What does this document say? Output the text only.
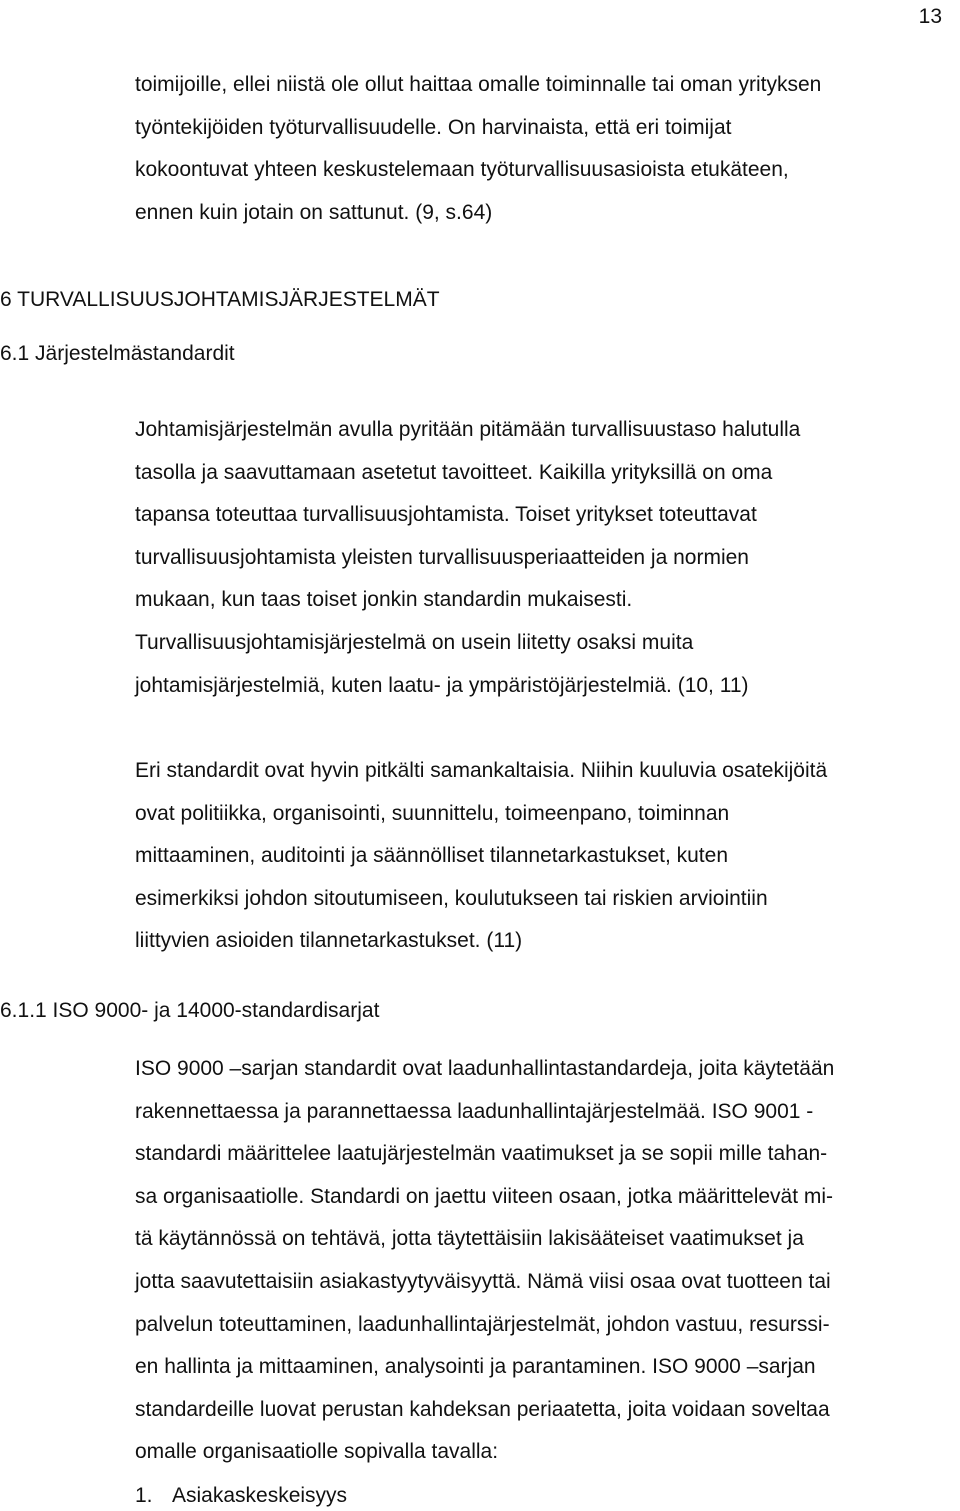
13
toimijoille, ellei niistä ole ollut haittaa omalle toiminnalle tai oman yrityksen
työntekijöiden työturvallisuudelle. On harvinaista, että eri toimijat
kokoontuvat yhteen keskustelemaan työturvallisuusasioista etukäteen,
ennen kuin jotain on sattunut. (9, s.64)
6 TURVALLISUUSJOHTAMISJÄRJESTELMÄT
6.1 Järjestelmästandardit
Johtamisjärjestelmän avulla pyritään pitämään turvallisuustaso halutulla
tasolla ja saavuttamaan asetetut tavoitteet. Kaikilla yrityksillä on oma
tapansa toteuttaa turvallisuusjohtamista. Toiset yritykset toteuttavat
turvallisuusjohtamista yleisten turvallisuusperiaatteiden ja normien
mukaan, kun taas toiset jonkin standardin mukaisesti.
Turvallisuusjohtamisjärjestelmä on usein liitetty osaksi muita
johtamisjärjestelmiä, kuten laatu- ja ympäristöjärjestelmiä. (10, 11)
Eri standardit ovat hyvin pitkälti samankaltaisia. Niihin kuuluvia osatekijöitä
ovat politiikka, organisointi, suunnittelu, toimeenpano, toiminnan
mittaaminen, auditointi ja säännölliset tilannetarkastukset, kuten
esimerkiksi johdon sitoutumiseen, koulutukseen tai riskien arviointiin
liittyvien asioiden tilannetarkastukset. (11)
6.1.1 ISO 9000- ja 14000-standardisarjat
ISO 9000 –sarjan standardit ovat laadunhallintastandardeja, joita käytetään
rakennettaessa ja parannettaessa laadunhallintajärjestelmää. ISO 9001 -
standardi määrittelee laatujärjestelmän vaatimukset ja se sopii mille tahan-
sa organisaatiolle. Standardi on jaettu viiteen osaan, jotka määrittelevät mi-
tä käytännössä on tehtävä, jotta täytettäisiin lakisääteiset vaatimukset ja
jotta saavutettaisiin asiakastyytyväisyyttä. Nämä viisi osaa ovat tuotteen tai
palvelun toteuttaminen, laadunhallintajärjestelmät, johdon vastuu, resurssi-
en hallinta ja mittaaminen, analysointi ja parantaminen. ISO 9000 –sarjan
standardeille luovat perustan kahdeksan periaatetta, joita voidaan soveltaa
omalle organisaatiolle sopivalla tavalla:
1. Asiakaskeskeisyys
